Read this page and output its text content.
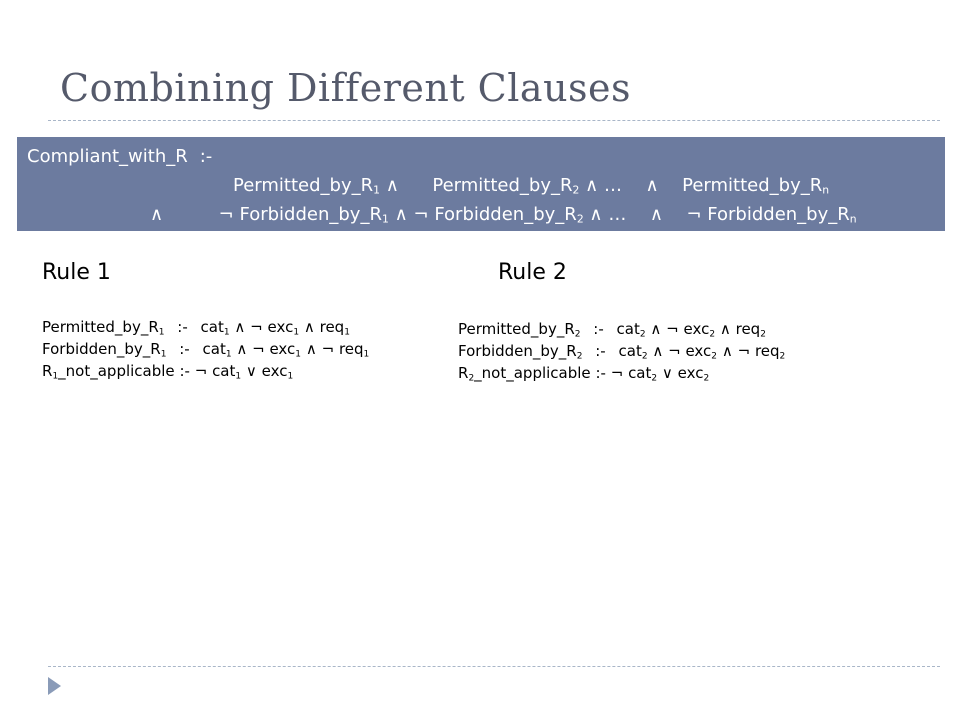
Combining Different Clauses
Compliant_with_R :-
$Permitted\_by\_R_1$ ∧ $Permitted\_by\_R_2$ ∧ … ∧ $Permitted\_by\_R_n$
∧	¬ $Forbidden\_by\_R_1$ ∧ ¬ $Forbidden\_by\_R_2$ ∧ … ∧ ¬ $Forbidden\_by\_R_n$
Rule 1
$Permitted\_by\_R_1$ :- cat$_1$ ∧ ¬ exc$_1$ ∧ req$_1$
$Forbidden\_by\_R_1$ :- cat$_1$ ∧ ¬ exc$_1$ ∧ ¬ req$_1$
$R_1\_not\_applicable$ :- ¬ cat$_1$ ∨ exc$_1$
Rule 2
$Permitted\_by\_R_2$ :- cat$_2$ ∧ ¬ exc$_2$ ∧ req$_2$
$Forbidden\_by\_R_2$ :- cat$_2$ ∧ ¬ exc$_2$ ∧ ¬ req$_2$
$R_2\_not\_applicable$ :- ¬ cat$_2$ ∨ exc$_2$
